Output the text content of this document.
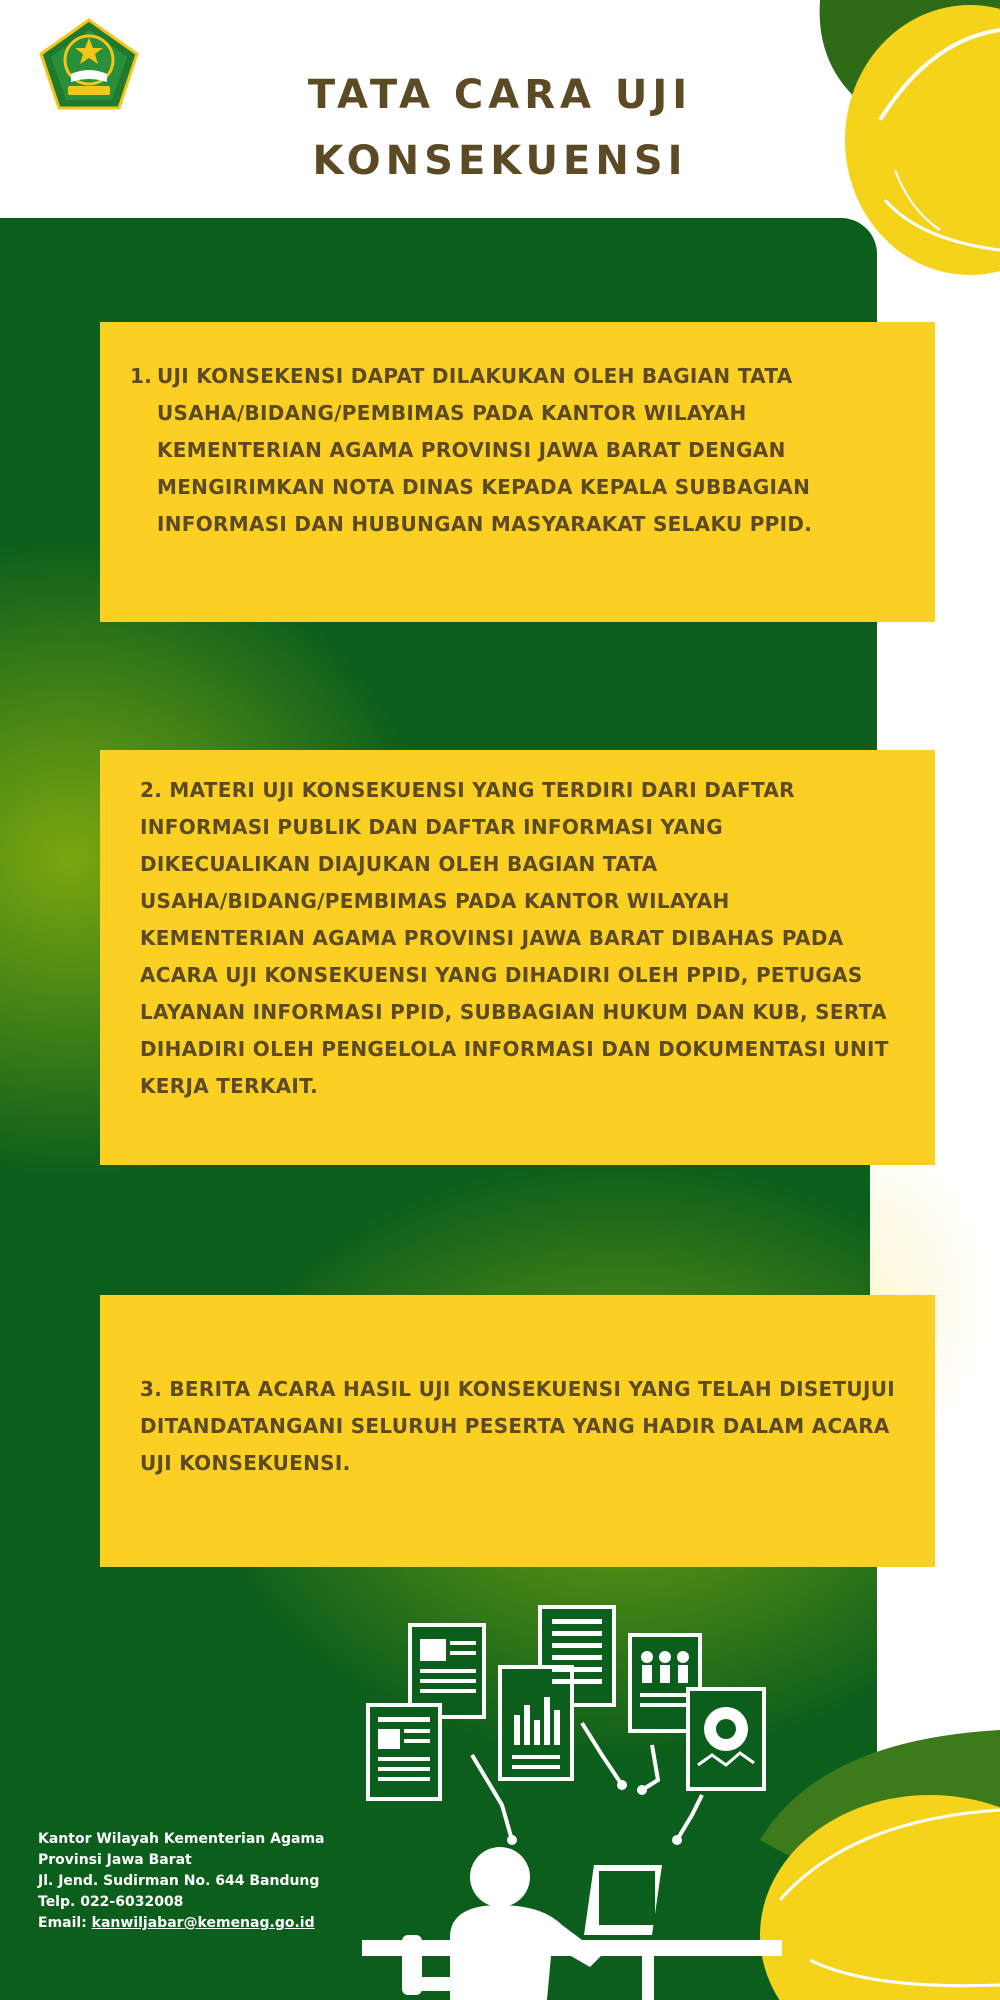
TATA CARA UJI KONSEKUENSI

1. UJI KONSEKENSI DAPAT DILAKUKAN OLEH BAGIAN TATA USAHA/BIDANG/PEMBIMAS PADA KANTOR WILAYAH KEMENTERIAN AGAMA PROVINSI JAWA BARAT DENGAN MENGIRIMKAN NOTA DINAS KEPADA KEPALA SUBBAGIAN INFORMASI DAN HUBUNGAN MASYARAKAT SELAKU PPID.

2. MATERI UJI KONSEKUENSI YANG TERDIRI DARI DAFTAR INFORMASI PUBLIK DAN DAFTAR INFORMASI YANG DIKECUALIKAN DIAJUKAN OLEH BAGIAN TATA USAHA/BIDANG/PEMBIMAS PADA KANTOR WILAYAH KEMENTERIAN AGAMA PROVINSI JAWA BARAT DIBAHAS PADA ACARA UJI KONSEKUENSI YANG DIHADIRI OLEH PPID, PETUGAS LAYANAN INFORMASI PPID, SUBBAGIAN HUKUM DAN KUB, SERTA DIHADIRI OLEH PENGELOLA INFORMASI DAN DOKUMENTASI UNIT KERJA TERKAIT.

3. BERITA ACARA HASIL UJI KONSEKUENSI YANG TELAH DISETUJUI DITANDATANGANI SELURUH PESERTA YANG HADIR DALAM ACARA UJI KONSEKUENSI.

Kantor Wilayah Kementerian Agama
Provinsi Jawa Barat
Jl. Jend. Sudirman No. 644 Bandung
Telp. 022-6032008
Email: kanwiljabar@kemenag.go.id
